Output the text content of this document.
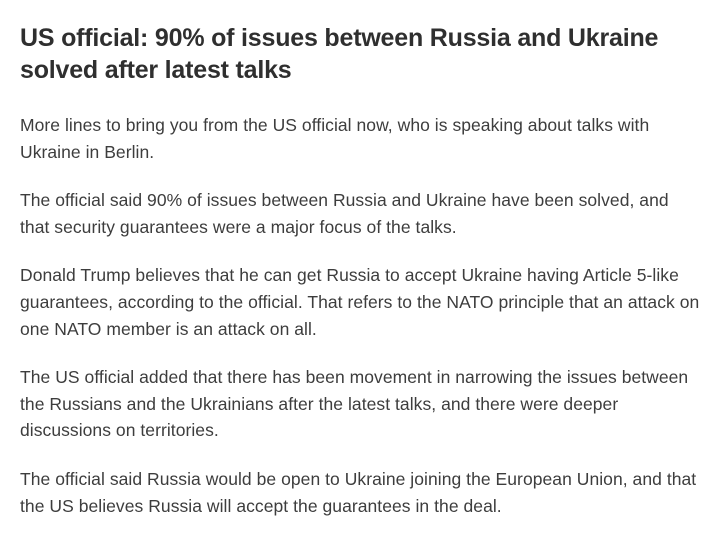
US official: 90% of issues between Russia and Ukraine solved after latest talks

More lines to bring you from the US official now, who is speaking about talks with Ukraine in Berlin.

The official said 90% of issues between Russia and Ukraine have been solved, and that security guarantees were a major focus of the talks.

Donald Trump believes that he can get Russia to accept Ukraine having Article 5-like guarantees, according to the official. That refers to the NATO principle that an attack on one NATO member is an attack on all.

The US official added that there has been movement in narrowing the issues between the Russians and the Ukrainians after the latest talks, and there were deeper discussions on territories.

The official said Russia would be open to Ukraine joining the European Union, and that the US believes Russia will accept the guarantees in the deal.
